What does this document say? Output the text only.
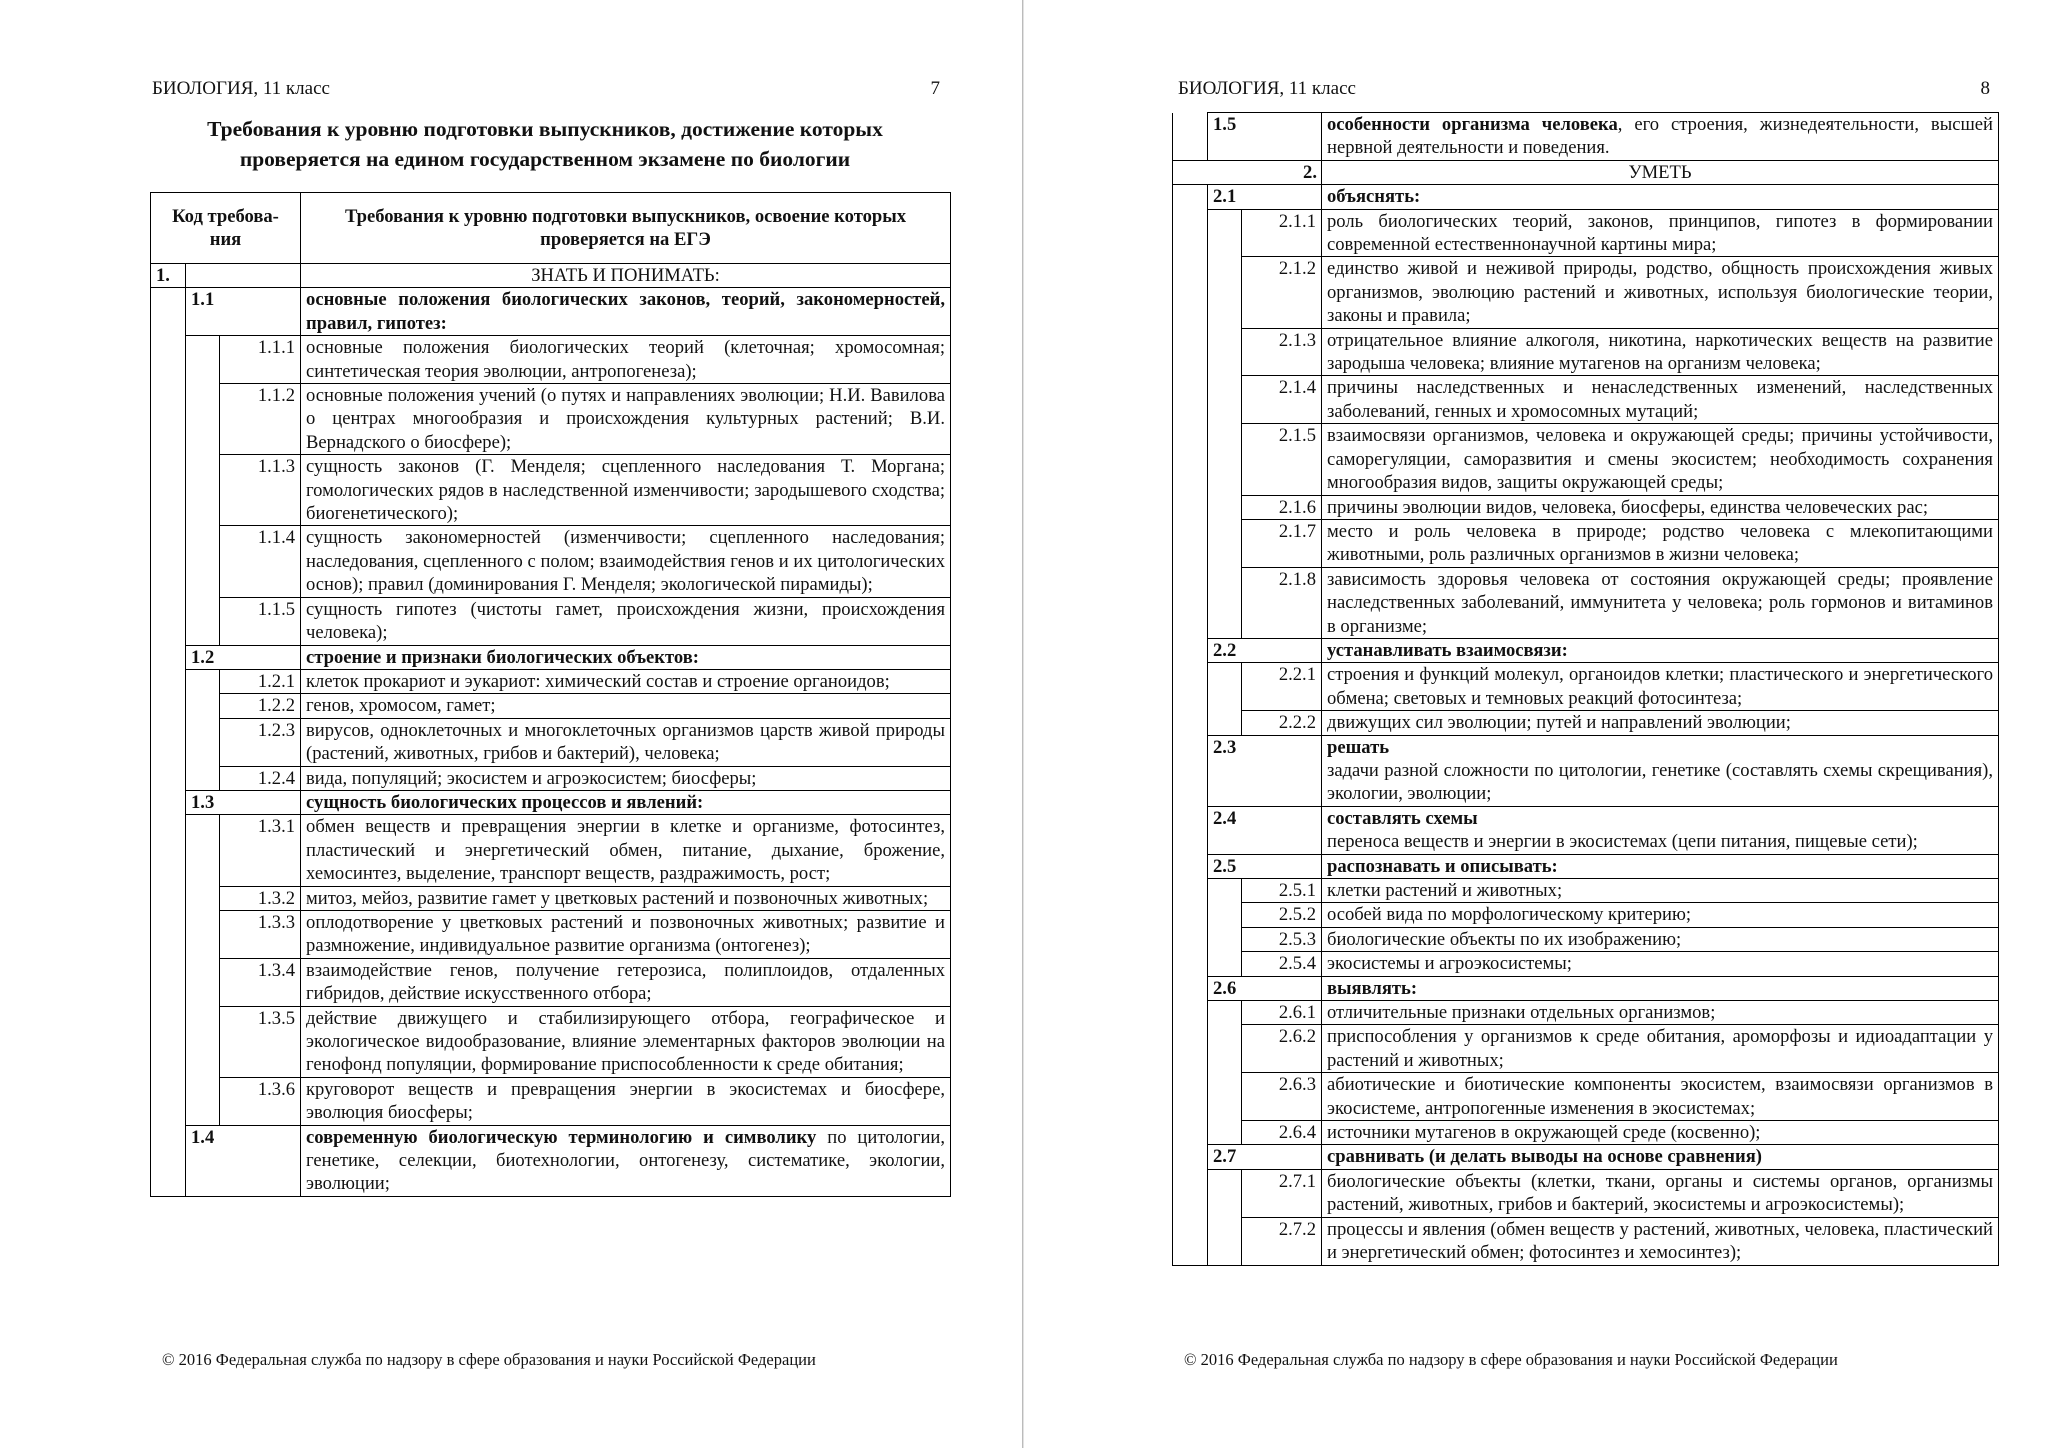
БИОЛОГИЯ, 11 класс	7
Требования к уровню подготовки выпускников, достижение которых проверяется на едином государственном экзамене по биологии
Код требова-ния			Требования к уровню подготовки выпускников, освоение которых проверяется на ЕГЭ
1.			ЗНАТЬ И ПОНИМАТЬ:
	1.1		основные положения биологических законов, теорий, закономерностей, правил, гипотез:
		1.1.1	основные положения биологических теорий (клеточная; хромосомная; синтетическая теория эволюции, антропогенеза);
		1.1.2	основные положения учений (о путях и направлениях эволюции; Н.И. Вавилова о центрах многообразия и происхождения культурных растений; В.И. Вернадского о биосфере);
		1.1.3	сущность законов (Г. Менделя; сцепленного наследования Т. Моргана; гомологических рядов в наследственной изменчивости; зародышевого сходства; биогенетического);
		1.1.4	сущность закономерностей (изменчивости; сцепленного наследования; наследования, сцепленного с полом; взаимодействия генов и их цитологических основ); правил (доминирования Г. Менделя; экологической пирамиды);
		1.1.5	сущность гипотез (чистоты гамет, происхождения жизни, происхождения человека);
	1.2		строение и признаки биологических объектов:
		1.2.1	клеток прокариот и эукариот: химический состав и строение органоидов;
		1.2.2	генов, хромосом, гамет;
		1.2.3	вирусов, одноклеточных и многоклеточных организмов царств живой природы (растений, животных, грибов и бактерий), человека;
		1.2.4	вида, популяций; экосистем и агроэкосистем; биосферы;
	1.3		сущность биологических процессов и явлений:
		1.3.1	обмен веществ и превращения энергии в клетке и организме, фотосинтез, пластический и энергетический обмен, питание, дыхание, брожение, хемосинтез, выделение, транспорт веществ, раздражимость, рост;
		1.3.2	митоз, мейоз, развитие гамет у цветковых растений и позвоночных животных;
		1.3.3	оплодотворение у цветковых растений и позвоночных животных; развитие и размножение, индивидуальное развитие организма (онтогенез);
		1.3.4	взаимодействие генов, получение гетерозиса, полиплоидов, отдаленных гибридов, действие искусственного отбора;
		1.3.5	действие движущего и стабилизирующего отбора, географическое и экологическое видообразование, влияние элементарных факторов эволюции на генофонд популяции, формирование приспособленности к среде обитания;
		1.3.6	круговорот веществ и превращения энергии в экосистемах и биосфере, эволюция биосферы;
	1.4		современную биологическую терминологию и символику по цитологии, генетике, селекции, биотехнологии, онтогенезу, систематике, экологии, эволюции;
© 2016 Федеральная служба по надзору в сфере образования и науки Российской Федерации
БИОЛОГИЯ, 11 класс	8
	1.5		особенности организма человека, его строения, жизнедеятельности, высшей нервной деятельности и поведения.
2.			УМЕТЬ
	2.1		объяснять:
		2.1.1	роль биологических теорий, законов, принципов, гипотез в формировании современной естественнонаучной картины мира;
		2.1.2	единство живой и неживой природы, родство, общность происхождения живых организмов, эволюцию растений и животных, используя биологические теории, законы и правила;
		2.1.3	отрицательное влияние алкоголя, никотина, наркотических веществ на развитие зародыша человека; влияние мутагенов на организм человека;
		2.1.4	причины наследственных и ненаследственных изменений, наследственных заболеваний, генных и хромосомных мутаций;
		2.1.5	взаимосвязи организмов, человека и окружающей среды; причины устойчивости, саморегуляции, саморазвития и смены экосистем; необходимость сохранения многообразия видов, защиты окружающей среды;
		2.1.6	причины эволюции видов, человека, биосферы, единства человеческих рас;
		2.1.7	место и роль человека в природе; родство человека с млекопитающими животными, роль различных организмов в жизни человека;
		2.1.8	зависимость здоровья человека от состояния окружающей среды; проявление наследственных заболеваний, иммунитета у человека; роль гормонов и витаминов в организме;
	2.2		устанавливать взаимосвязи:
		2.2.1	строения и функций молекул, органоидов клетки; пластического и энергетического обмена; световых и темновых реакций фотосинтеза;
		2.2.2	движущих сил эволюции; путей и направлений эволюции;
	2.3		решать
задачи разной сложности по цитологии, генетике (составлять схемы скрещивания), экологии, эволюции;
	2.4		составлять схемы
переноса веществ и энергии в экосистемах (цепи питания, пищевые сети);
	2.5		распознавать и описывать:
		2.5.1	клетки растений и животных;
		2.5.2	особей вида по морфологическому критерию;
		2.5.3	биологические объекты по их изображению;
		2.5.4	экосистемы и агроэкосистемы;
	2.6		выявлять:
		2.6.1	отличительные признаки отдельных организмов;
		2.6.2	приспособления у организмов к среде обитания, ароморфозы и идиоадаптации у растений и животных;
		2.6.3	абиотические и биотические компоненты экосистем, взаимосвязи организмов в экосистеме, антропогенные изменения в экосистемах;
		2.6.4	источники мутагенов в окружающей среде (косвенно);
	2.7		сравнивать (и делать выводы на основе сравнения)
		2.7.1	биологические объекты (клетки, ткани, органы и системы органов, организмы растений, животных, грибов и бактерий, экосистемы и агроэкосистемы);
		2.7.2	процессы и явления (обмен веществ у растений, животных, человека, пластический и энергетический обмен; фотосинтез и хемосинтез);
© 2016 Федеральная служба по надзору в сфере образования и науки Российской Федерации
